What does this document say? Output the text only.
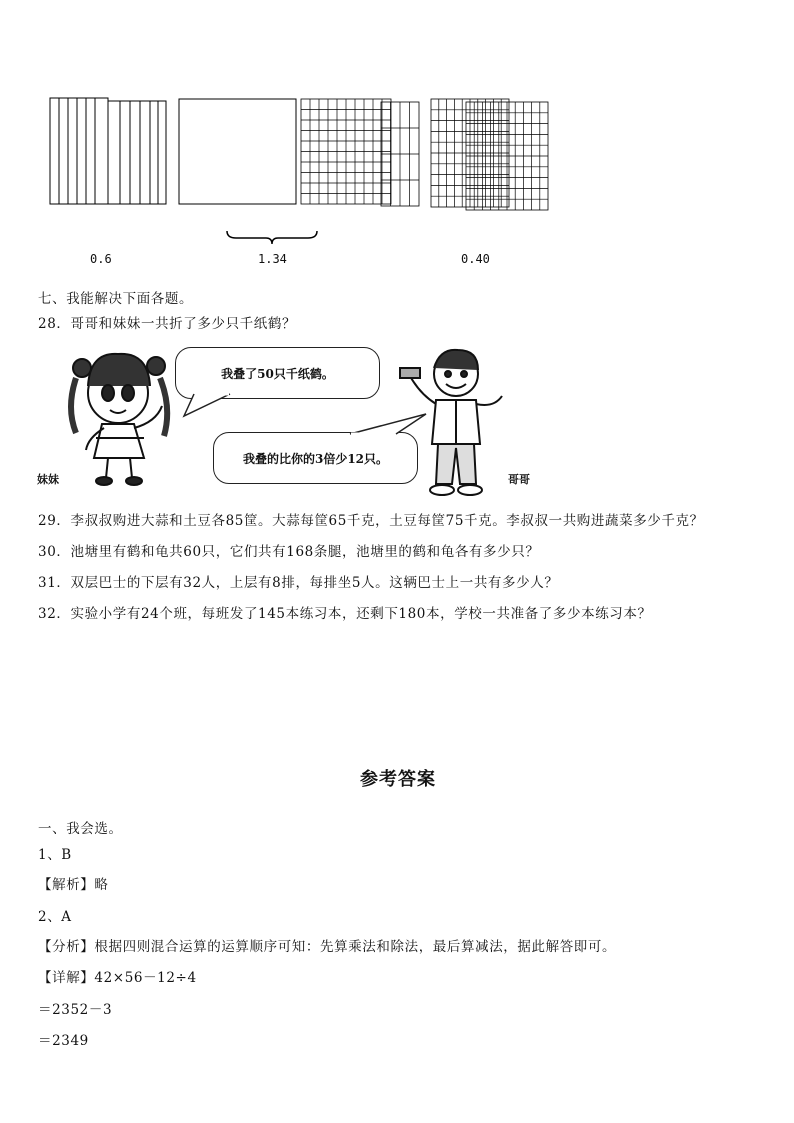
0.6	1.34	0.40
七、我能解决下面各题。
28．哥哥和妹妹一共折了多少只千纸鹤？
妹妹
我叠了50只千纸鹤。
我叠的比你的3倍少12只。
哥哥
29．李叔叔购进大蒜和土豆各85筐。大蒜每筐65千克，土豆每筐75千克。李叔叔一共购进蔬菜多少千克？
30．池塘里有鹤和龟共60只，它们共有168条腿，池塘里的鹤和龟各有多少只？
31．双层巴士的下层有32人，上层有8排，每排坐5人。这辆巴士上一共有多少人？
32．实验小学有24个班，每班发了145本练习本，还剩下180本，学校一共准备了多少本练习本？
参考答案
一、我会选。
1、B
【解析】略
2、A
【分析】根据四则混合运算的运算顺序可知：先算乘法和除法，最后算减法，据此解答即可。
【详解】42×56－12÷4
＝2352－3
＝2349
